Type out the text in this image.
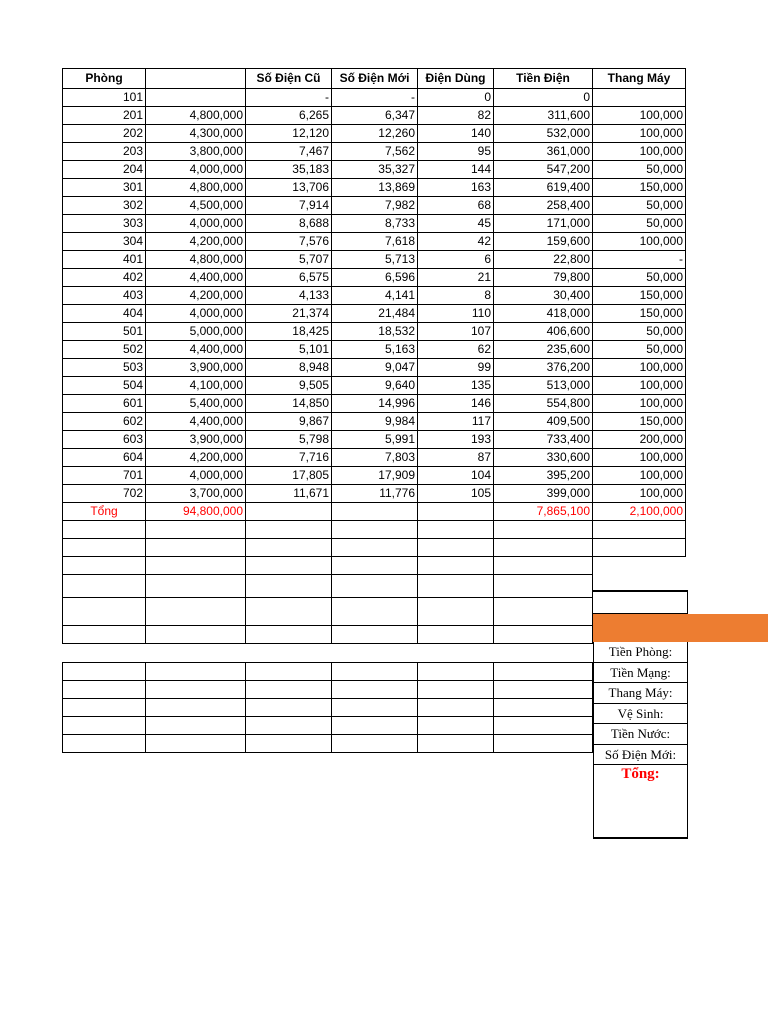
Phòng		Số Điện Cũ	Số Điện Mới	Điện Dùng	Tiền Điện	Thang Máy
101		-	-	0	0	
201	4,800,000	6,265	6,347	82	311,600	100,000
202	4,300,000	12,120	12,260	140	532,000	100,000
203	3,800,000	7,467	7,562	95	361,000	100,000
204	4,000,000	35,183	35,327	144	547,200	50,000
301	4,800,000	13,706	13,869	163	619,400	150,000
302	4,500,000	7,914	7,982	68	258,400	50,000
303	4,000,000	8,688	8,733	45	171,000	50,000
304	4,200,000	7,576	7,618	42	159,600	100,000
401	4,800,000	5,707	5,713	6	22,800	-
402	4,400,000	6,575	6,596	21	79,800	50,000
403	4,200,000	4,133	4,141	8	30,400	150,000
404	4,000,000	21,374	21,484	110	418,000	150,000
501	5,000,000	18,425	18,532	107	406,600	50,000
502	4,400,000	5,101	5,163	62	235,600	50,000
503	3,900,000	8,948	9,047	99	376,200	100,000
504	4,100,000	9,505	9,640	135	513,000	100,000
601	5,400,000	14,850	14,996	146	554,800	100,000
602	4,400,000	9,867	9,984	117	409,500	150,000
603	3,900,000	5,798	5,991	193	733,400	200,000
604	4,200,000	7,716	7,803	87	330,600	100,000
701	4,000,000	17,805	17,909	104	395,200	100,000
702	3,700,000	11,671	11,776	105	399,000	100,000
Tổng	94,800,000				7,865,100	2,100,000

Tiền Phòng:
Tiền Mạng:
Thang Máy:
Vệ Sinh:
Tiền Nước:
Số Điện Mới:
Tổng:
